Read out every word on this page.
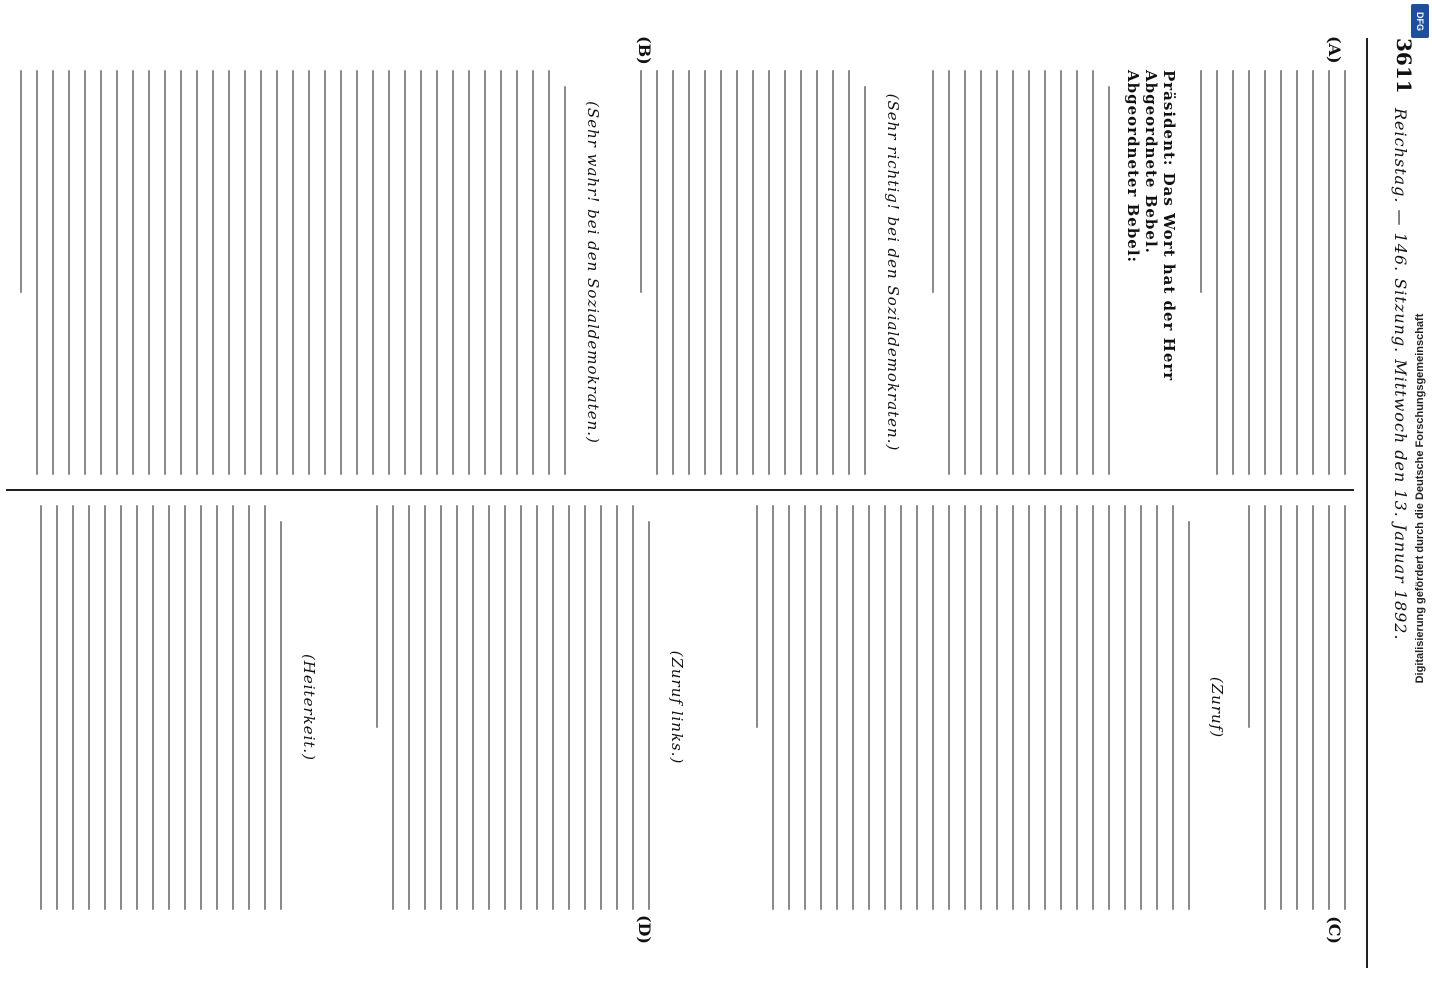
3611
Reichstag. — 146. Sitzung. Mittwoch den 13. Januar 1892.
(A)
(B)
Präsident: Das Wort hat der Herr Abgeordnete Bebel.
Abgeordneter Bebel:
(Sehr richtig! bei den Sozialdemokraten.)
(Sehr wahr! bei den Sozialdemokraten.)
(C)
(D)
(Zuruf)
(Zuruf links.)
(Heiterkeit.)
Digitalisierung gefördert durch die Deutsche Forschungsgemeinschaft
DFG
